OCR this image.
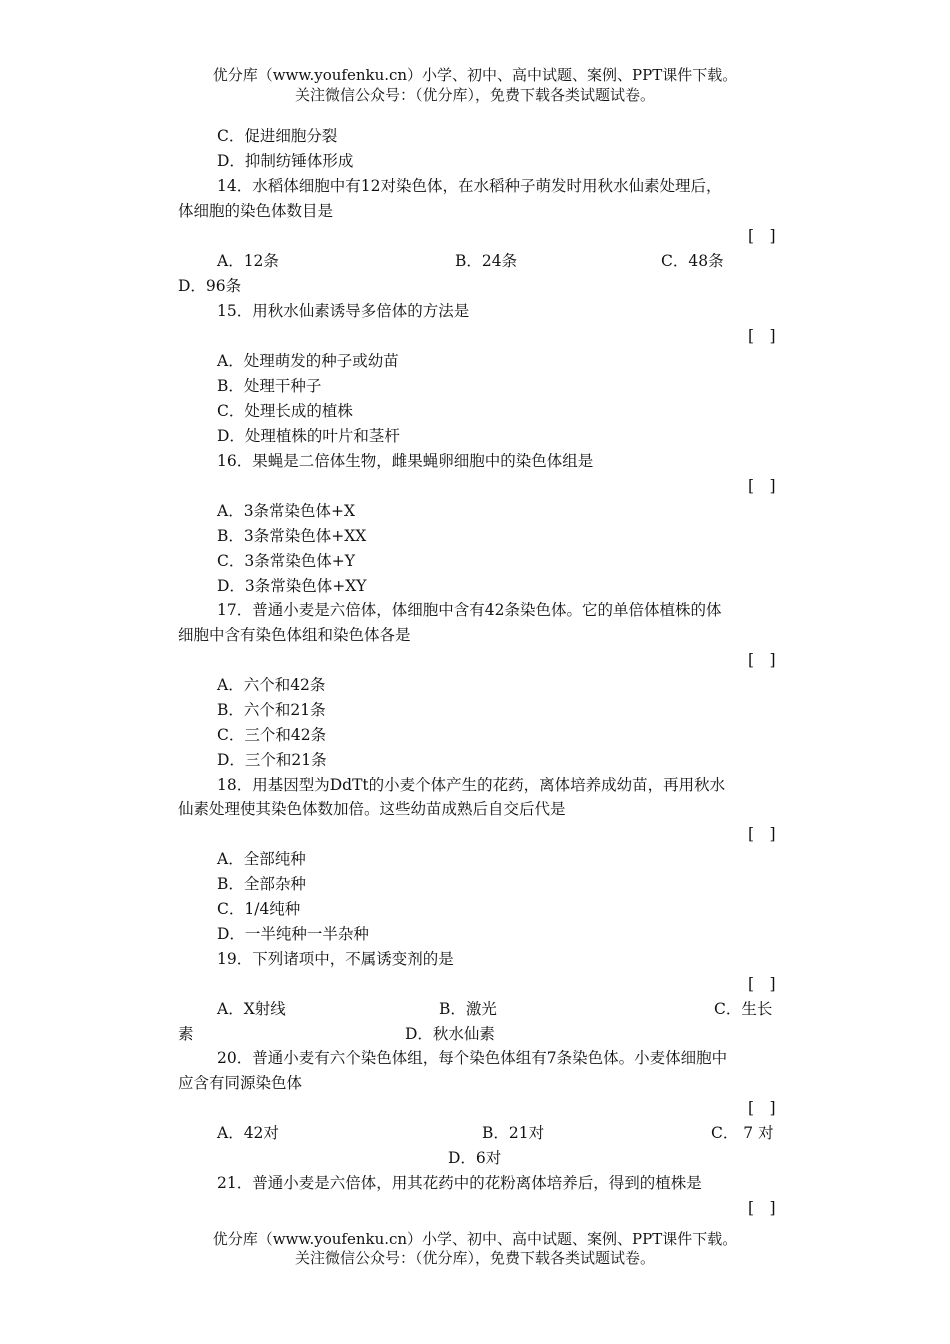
优分库（www.youfenku.cn）小学、初中、高中试题、案例、PPT课件下载。
关注微信公众号：（优分库），免费下载各类试题试卷。
C．促进细胞分裂
D．抑制纺锤体形成
14．水稻体细胞中有12对染色体，在水稻种子萌发时用秋水仙素处理后，
体细胞的染色体数目是
[　]
A．12条	B．24条	C．48条
D．96条
15．用秋水仙素诱导多倍体的方法是
[　]
A．处理萌发的种子或幼苗
B．处理干种子
C．处理长成的植株
D．处理植株的叶片和茎杆
16．果蝇是二倍体生物，雌果蝇卵细胞中的染色体组是
[　]
A．3条常染色体+X
B．3条常染色体+XX
C．3条常染色体+Y
D．3条常染色体+XY
17．普通小麦是六倍体，体细胞中含有42条染色体。它的单倍体植株的体
细胞中含有染色体组和染色体各是
[　]
A．六个和42条
B．六个和21条
C．三个和42条
D．三个和21条
18．用基因型为DdTt的小麦个体产生的花药，离体培养成幼苗，再用秋水
仙素处理使其染色体数加倍。这些幼苗成熟后自交后代是
[　]
A．全部纯种
B．全部杂种
C．1/4纯种
D．一半纯种一半杂种
19．下列诸项中，不属诱变剂的是
[　]
A．X射线	B．激光	C．生长
素	D．秋水仙素
20．普通小麦有六个染色体组，每个染色体组有7条染色体。小麦体细胞中
应含有同源染色体
[　]
A．42对	B．21对	C． 7 对
D．6对
21．普通小麦是六倍体，用其花药中的花粉离体培养后，得到的植株是
[　]
优分库（www.youfenku.cn）小学、初中、高中试题、案例、PPT课件下载。
关注微信公众号：（优分库），免费下载各类试题试卷。
